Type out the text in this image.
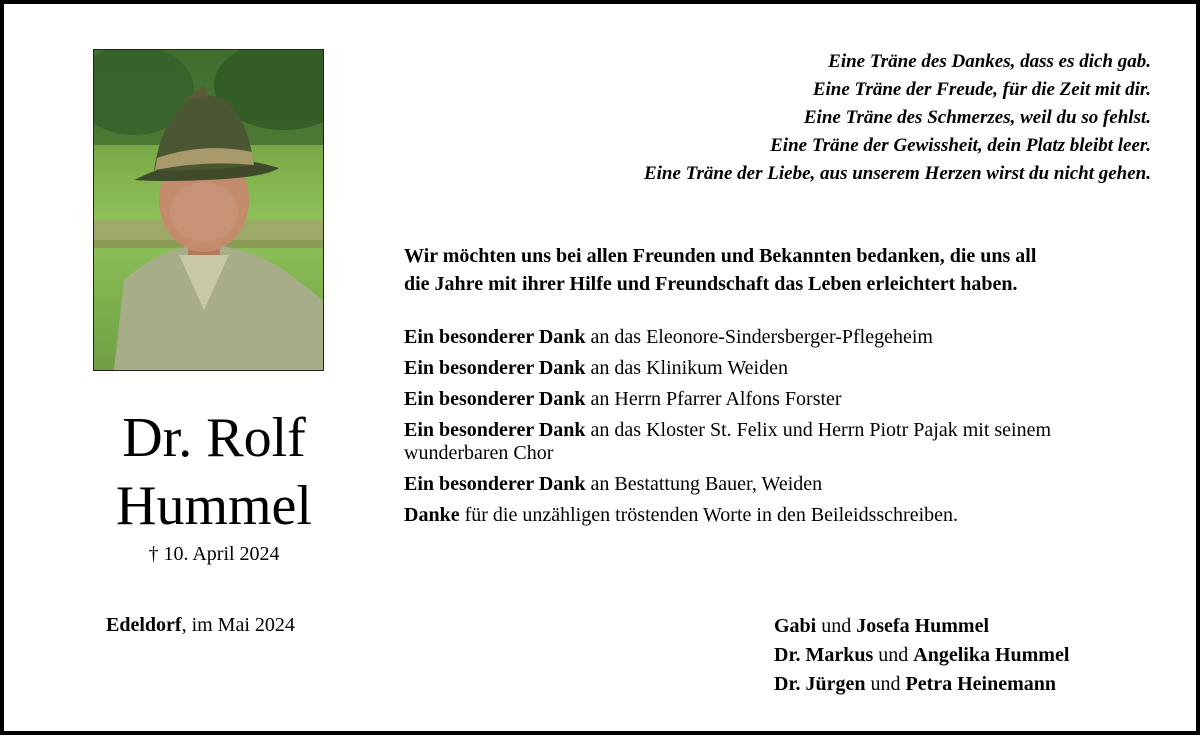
Dr. Rolf
Hummel
† 10. April 2024
Edeldorf, im Mai 2024
Eine Träne des Dankes, dass es dich gab.
Eine Träne der Freude, für die Zeit mit dir.
Eine Träne des Schmerzes, weil du so fehlst.
Eine Träne der Gewissheit, dein Platz bleibt leer.
Eine Träne der Liebe, aus unserem Herzen wirst du nicht gehen.
Wir möchten uns bei allen Freunden und Bekannten bedanken, die uns all
die Jahre mit ihrer Hilfe und Freundschaft das Leben erleichtert haben.
Ein besonderer Dank an das Eleonore-Sindersberger-Pflegeheim
Ein besonderer Dank an das Klinikum Weiden
Ein besonderer Dank an Herrn Pfarrer Alfons Forster
Ein besonderer Dank an das Kloster St. Felix und Herrn Piotr Pajak mit seinem wunderbaren Chor
Ein besonderer Dank an Bestattung Bauer, Weiden
Danke für die unzähligen tröstenden Worte in den Beileidsschreiben.
Gabi und Josefa Hummel
Dr. Markus und Angelika Hummel
Dr. Jürgen und Petra Heinemann
